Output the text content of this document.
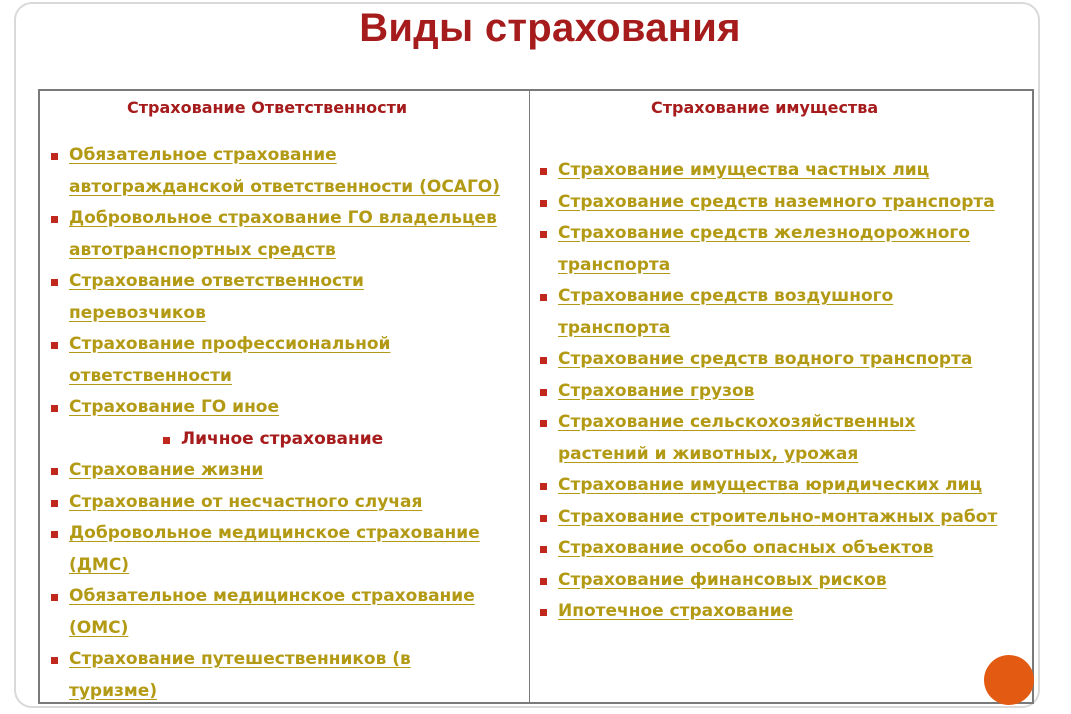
Виды страхования
Страхование Ответственности	Страхование имущества
Обязательное страхование
автогражданской ответственности (ОСАГО)
Добровольное страхование ГО владельцев
автотранспортных средств
Страхование ответственности
перевозчиков
Страхование профессиональной
ответственности
Страхование ГО иное
Личное страхование
Страхование жизни
Страхование от несчастного случая
Добровольное медицинское страхование
(ДМС)
Обязательное медицинское страхование
(ОМС)
Страхование путешественников (в
туризме)
Страхование имущества частных лиц
Страхование средств наземного транспорта
Страхование средств железнодорожного
транспорта
Страхование средств воздушного
транспорта
Страхование средств водного транспорта
Страхование грузов
Страхование сельскохозяйственных
растений и животных, урожая
Страхование имущества юридических лиц
Страхование строительно-монтажных работ
Страхование особо опасных объектов
Страхование финансовых рисков
Ипотечное страхование
